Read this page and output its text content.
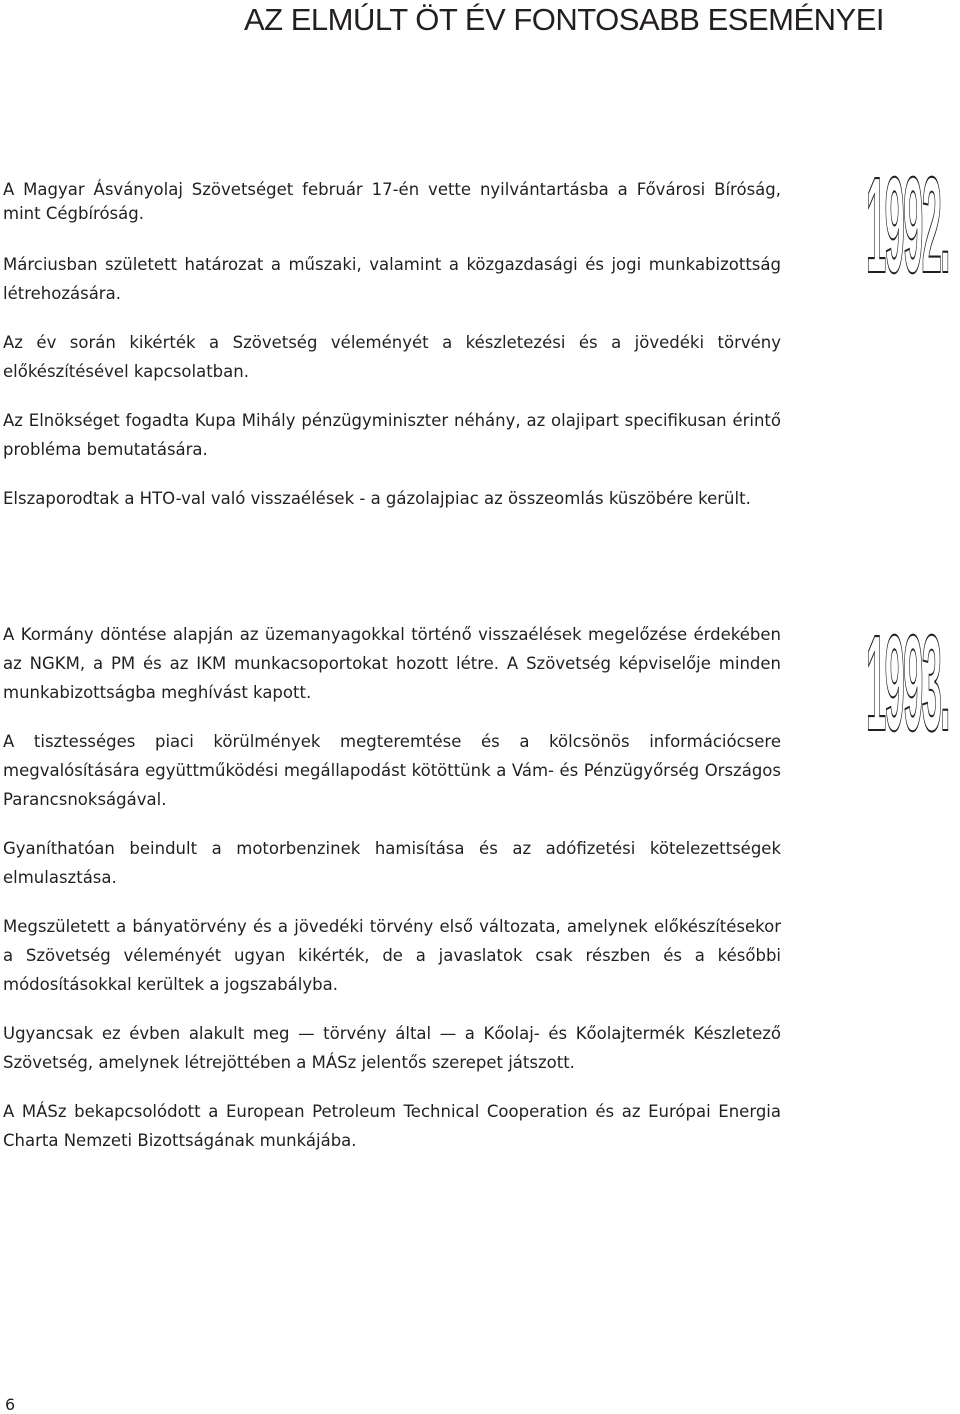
AZ ELMÚLT ÖT ÉV FONTOSABB ESEMÉNYEI
1992.

A Magyar Ásványolaj Szövetséget február 17-én vette nyilvántartásba a Fővárosi Bíróság, mint Cégbíróság.

Márciusban született határozat a műszaki, valamint a közgazdasági és jogi munkabizottság létrehozására.

Az év során kikérték a Szövetség véleményét a készletezési és a jövedéki törvény előkészítésével kapcsolatban.

Az Elnökséget fogadta Kupa Mihály pénzügyminiszter néhány, az olajipart specifikusan érintő probléma bemutatására.

Elszaporodtak a HTO-val való visszaélések - a gázolajpiac az összeomlás küszöbére került.

1993.

A Kormány döntése alapján az üzemanyagokkal történő visszaélések megelőzése érdekében az NGKM, a PM és az IKM munkacsoportokat hozott létre. A Szövetség képviselője minden munkabizottságba meghívást kapott.

A tisztességes piaci körülmények megteremtése és a kölcsönös információcsere megvalósítására együttműködési megállapodást kötöttünk a Vám- és Pénzügyőrség Országos Parancsnokságával.

Gyaníthatóan beindult a motorbenzinek hamisítása és az adófizetési kötelezettségek elmulasztása.

Megszületett a bányatörvény és a jövedéki törvény első változata, amelynek előkészítésekor a Szövetség véleményét ugyan kikérték, de a javaslatok csak részben és a későbbi módosításokkal kerültek a jogszabályba.

Ugyancsak ez évben alakult meg — törvény által — a Kőolaj- és Kőolajtermék Készletező Szövetség, amelynek létrejöttében a MÁSz jelentős szerepet játszott.

A MÁSz bekapcsolódott a European Petroleum Technical Cooperation és az Európai Energia Charta Nemzeti Bizottságának munkájába.

6
